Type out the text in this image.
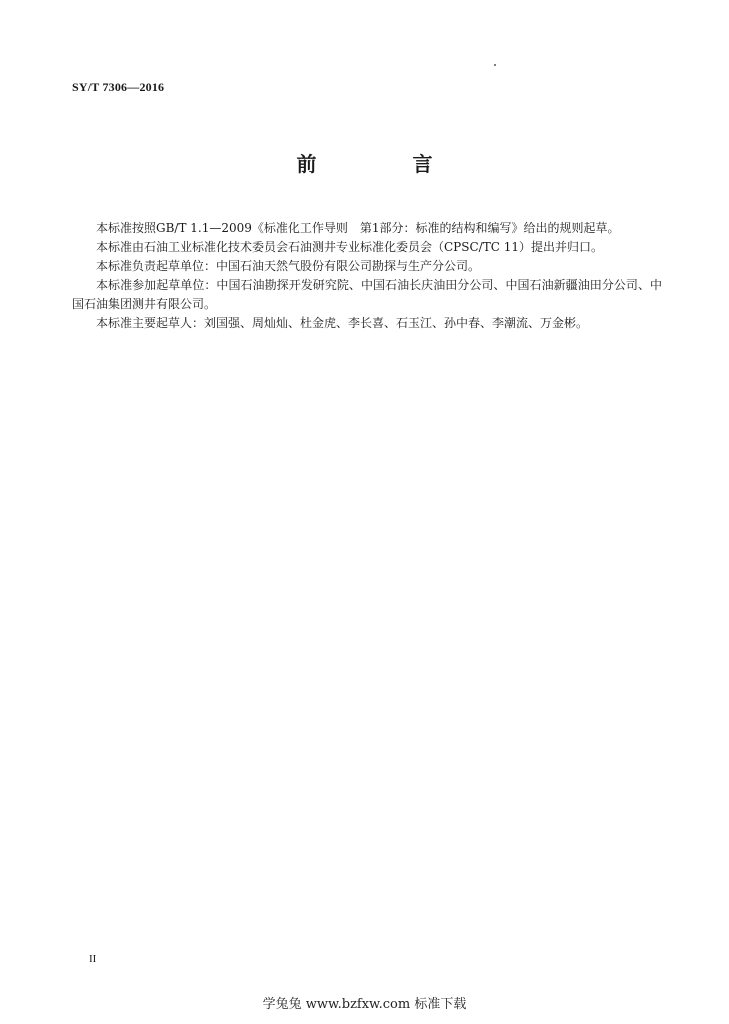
SY/T 7306—2016
前　言

本标准按照GB/T 1.1—2009《标准化工作导则　第1部分：标准的结构和编写》给出的规则起草。

本标准由石油工业标准化技术委员会石油测井专业标准化委员会（CPSC/TC 11）提出并归口。

本标准负责起草单位：中国石油天然气股份有限公司勘探与生产分公司。

本标准参加起草单位：中国石油勘探开发研究院、中国石油长庆油田分公司、中国石油新疆油田分公司、中国石油集团测井有限公司。

本标准主要起草人：刘国强、周灿灿、杜金虎、李长喜、石玉江、孙中春、李潮流、万金彬。

II
学兔兔 www.bzfxw.com 标准下载
